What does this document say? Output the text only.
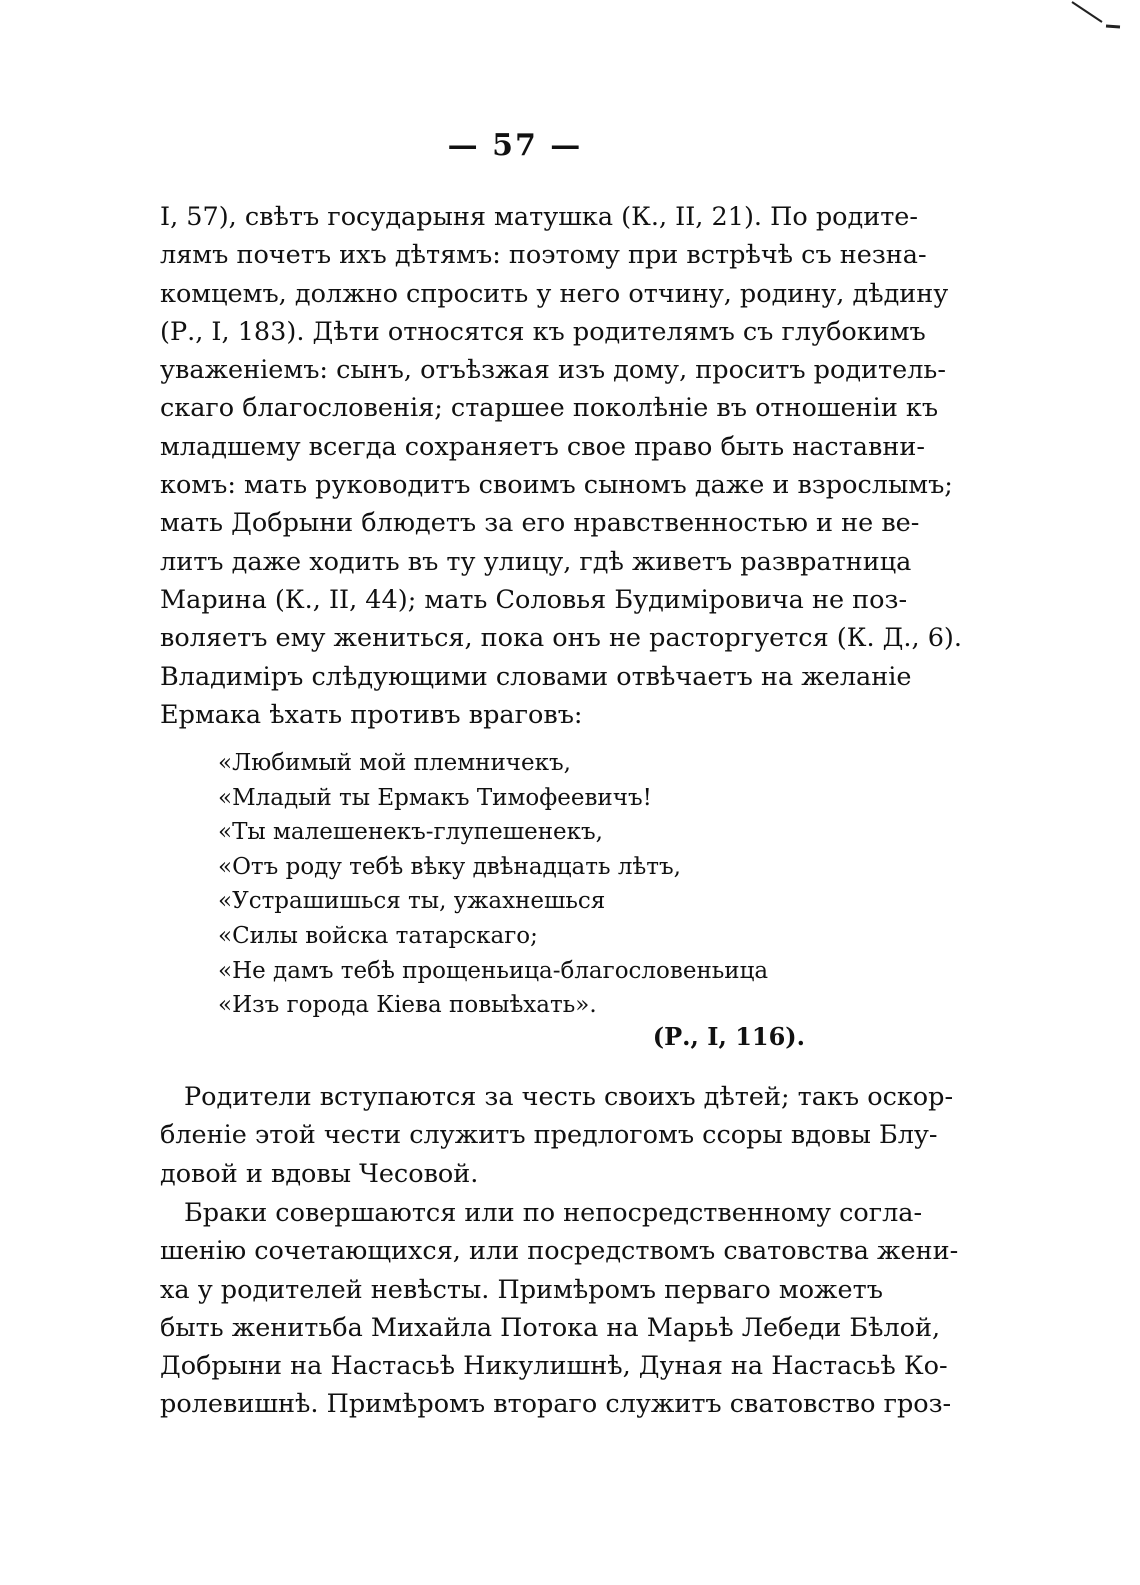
— 57 —
I, 57), свѣтъ государыня матушка (К., II, 21). По родите-
лямъ почетъ ихъ дѣтямъ: поэтому при встрѣчѣ съ незна-
комцемъ, должно спросить у него отчину, родину, дѣдину
(Р., I, 183). Дѣти относятся къ родителямъ съ глубокимъ
уваженіемъ: сынъ, отъѣзжая изъ дому, проситъ родитель-
скаго благословенія; старшее поколѣніе въ отношеніи къ
младшему всегда сохраняетъ свое право быть наставни-
комъ: мать руководитъ своимъ сыномъ даже и взрослымъ;
мать Добрыни блюдетъ за его нравственностью и не ве-
литъ даже ходить въ ту улицу, гдѣ живетъ развратница
Марина (К., II, 44); мать Соловья Будиміровича не поз-
воляетъ ему жениться, пока онъ не расторгуется (К. Д., 6).
Владиміръ слѣдующими словами отвѣчаетъ на желаніе
Ермака ѣхать противъ враговъ:
«Любимый мой племничекъ,
«Младый ты Ермакъ Тимофеевичъ!
«Ты малешенекъ-глупешенекъ,
«Отъ роду тебѣ вѣку двѣнадцать лѣтъ,
«Устрашишься ты, ужахнешься
«Силы войска татарскаго;
«Не дамъ тебѣ прощеньица-благословеньица
«Изъ города Кіева повыѣхать».
(Р., I, 116).
Родители вступаются за честь своихъ дѣтей; такъ оскор-
бленіе этой чести служитъ предлогомъ ссоры вдовы Блу-
довой и вдовы Чесовой.
Браки совершаются или по непосредственному согла-
шенію сочетающихся, или посредствомъ сватовства жени-
ха у родителей невѣсты. Примѣромъ перваго можетъ
быть женитьба Михайла Потока на Марьѣ Лебеди Бѣлой,
Добрыни на Настасьѣ Никулишнѣ, Дуная на Настасьѣ Ко-
ролевишнѣ. Примѣромъ втораго служитъ сватовство гроз-
